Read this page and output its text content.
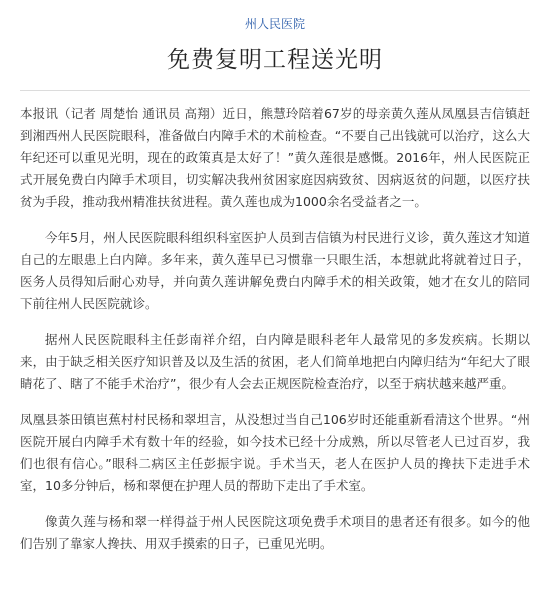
州人民医院
免费复明工程送光明

本报讯（记者 周楚怡 通讯员 高翔）近日，熊慧玲陪着67岁的母亲黄久莲从凤凰县吉信镇赶到湘西州人民医院眼科，准备做白内障手术的术前检查。“不要自己出钱就可以治疗，这么大年纪还可以重见光明，现在的政策真是太好了！”黄久莲很是感慨。2016年，州人民医院正式开展免费白内障手术项目，切实解决我州贫困家庭因病致贫、因病返贫的问题，以医疗扶贫为手段，推动我州精准扶贫进程。黄久莲也成为1000余名受益者之一。

今年5月，州人民医院眼科组织科室医护人员到吉信镇为村民进行义诊，黄久莲这才知道自己的左眼患上白内障。多年来，黄久莲早已习惯靠一只眼生活，本想就此将就着过日子，医务人员得知后耐心劝导，并向黄久莲讲解免费白内障手术的相关政策，她才在女儿的陪同下前往州人民医院就诊。

据州人民医院眼科主任彭南祥介绍，白内障是眼科老年人最常见的多发疾病。长期以来，由于缺乏相关医疗知识普及以及生活的贫困，老人们简单地把白内障归结为“年纪大了眼睛花了、瞎了不能手术治疗”，很少有人会去正规医院检查治疗，以至于病状越来越严重。

凤凰县茶田镇岜蕉村村民杨和翠坦言，从没想过当自己106岁时还能重新看清这个世界。“州医院开展白内障手术有数十年的经验，如今技术已经十分成熟，所以尽管老人已过百岁，我们也很有信心。”眼科二病区主任彭振宇说。手术当天，老人在医护人员的搀扶下走进手术室，10多分钟后，杨和翠便在护理人员的帮助下走出了手术室。

像黄久莲与杨和翠一样得益于州人民医院这项免费手术项目的患者还有很多。如今的他们告别了靠家人搀扶、用双手摸索的日子，已重见光明。
